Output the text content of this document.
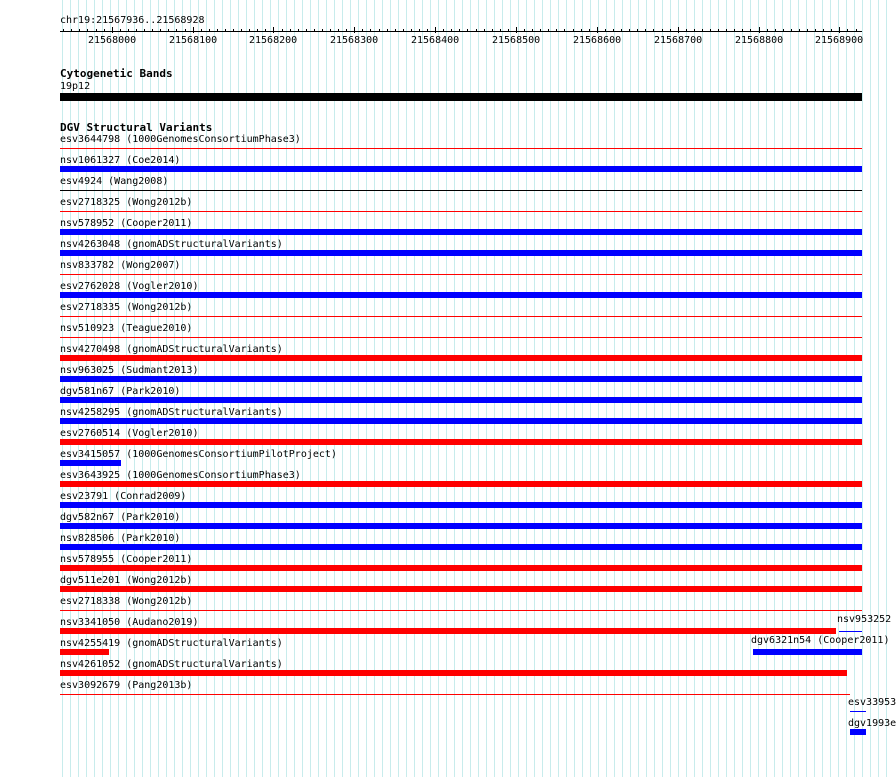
chr19:21567936..21568928
Cytogenetic Bands
19p12
DGV Structural Variants
21568000	21568100	21568200	21568300	21568400	21568500	21568600	21568700	21568800	21568900
esv3644798 (1000GenomesConsortiumPhase3)
nsv1061327 (Coe2014)
esv4924 (Wang2008)
esv2718325 (Wong2012b)
nsv578952 (Cooper2011)
nsv4263048 (gnomADStructuralVariants)
nsv833782 (Wong2007)
esv2762028 (Vogler2010)
esv2718335 (Wong2012b)
nsv510923 (Teague2010)
nsv4270498 (gnomADStructuralVariants)
nsv963025 (Sudmant2013)
dgv581n67 (Park2010)
nsv4258295 (gnomADStructuralVariants)
esv2760514 (Vogler2010)
esv3415057 (1000GenomesConsortiumPilotProject)
esv3643925 (1000GenomesConsortiumPhase3)
esv23791 (Conrad2009)
dgv582n67 (Park2010)
nsv828506 (Park2010)
nsv578955 (Cooper2011)
dgv511e201 (Wong2012b)
esv2718338 (Wong2012b)
nsv3341050 (Audano2019)	nsv953252
dgv6321n54 (Cooper2011)
nsv4255419 (gnomADStructuralVariants)
nsv4261052 (gnomADStructuralVariants)
esv3092679 (Pang2013b)
esv33953
dgv1993e
